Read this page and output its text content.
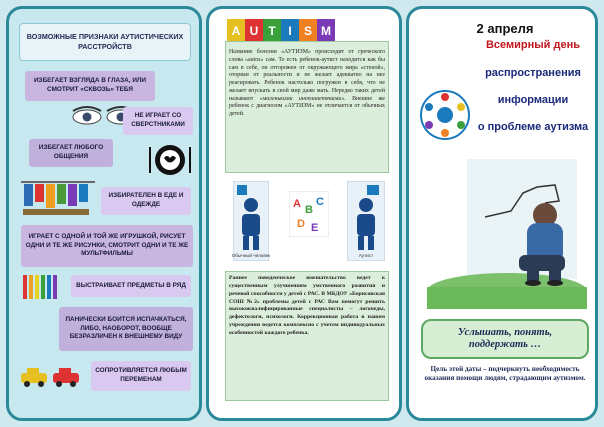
ВОЗМОЖНЫЕ ПРИЗНАКИ АУТИСТИЧЕСКИХ РАССТРОЙСТВ
ИЗБЕГАЕТ ВЗГЛЯДА В ГЛАЗА, ИЛИ СМОТРИТ «СКВОЗЬ» ТЕБЯ
НЕ ИГРАЕТ СО СВЕРСТНИКАМИ
ИЗБЕГАЕТ ЛЮБОГО ОБЩЕНИЯ
ИЗБИРАТЕЛЕН В ЕДЕ И ОДЕЖДЕ
ИГРАЕТ С ОДНОЙ И ТОЙ ЖЕ ИГРУШКОЙ, РИСУЕТ ОДНИ И ТЕ ЖЕ РИСУНКИ, СМОТРИТ ОДНИ И ТЕ ЖЕ МУЛЬТФИЛЬМЫ
ВЫСТРАИВАЕТ ПРЕДМЕТЫ В РЯД
ПАНИЧЕСКИ БОИТСЯ ИСПАЧКАТЬСЯ, ЛИБО, НАОБОРОТ, ВООБЩЕ БЕЗРАЗЛИЧЕН К ВНЕШНЕМУ ВИДУ
СОПРОТИВЛЯЕТСЯ ЛЮБЫМ ПЕРЕМЕНАМ
A U T I S M
Название болезни «АУТИЗМ» происходит от греческого слова «autos» сам. То есть ребенок-аутист находится как бы сам в себе, он отгорожен от окружающего мира «стеной», оторван от реальности и не желает адекватно на нее реагировать. Ребенок настолько погружен в себя, что не желает впускать в свой мир даже мать. Нередко таких детей называют «маленькими инопланетянами». Внешне же ребенок с диагнозом «АУТИЗМ» не отличается от обычных детей.
Обычный человек
A B
C
D E
Аутист
Раннее поведенческое вмешательство ведет к существенным улучшениям умственного развития и речевой способности у детей с РАС. В МБДОУ «Борисовская СОШ №2» проблемы детей с РАС Вам помогут решить высококвалифицированные специалисты – логопеды, дефектологи, психологи. Коррекционная работа в нашем учреждении ведется комплексно с учетом индивидуальных особенностей каждого ребенка.
2 апреля
Всемирный день
распространения
информации
о проблеме аутизма
Услышать, понять, поддержать …
Цель этой даты – подчеркнуть необходимость оказания помощи людям, страдающим аутизмом.
